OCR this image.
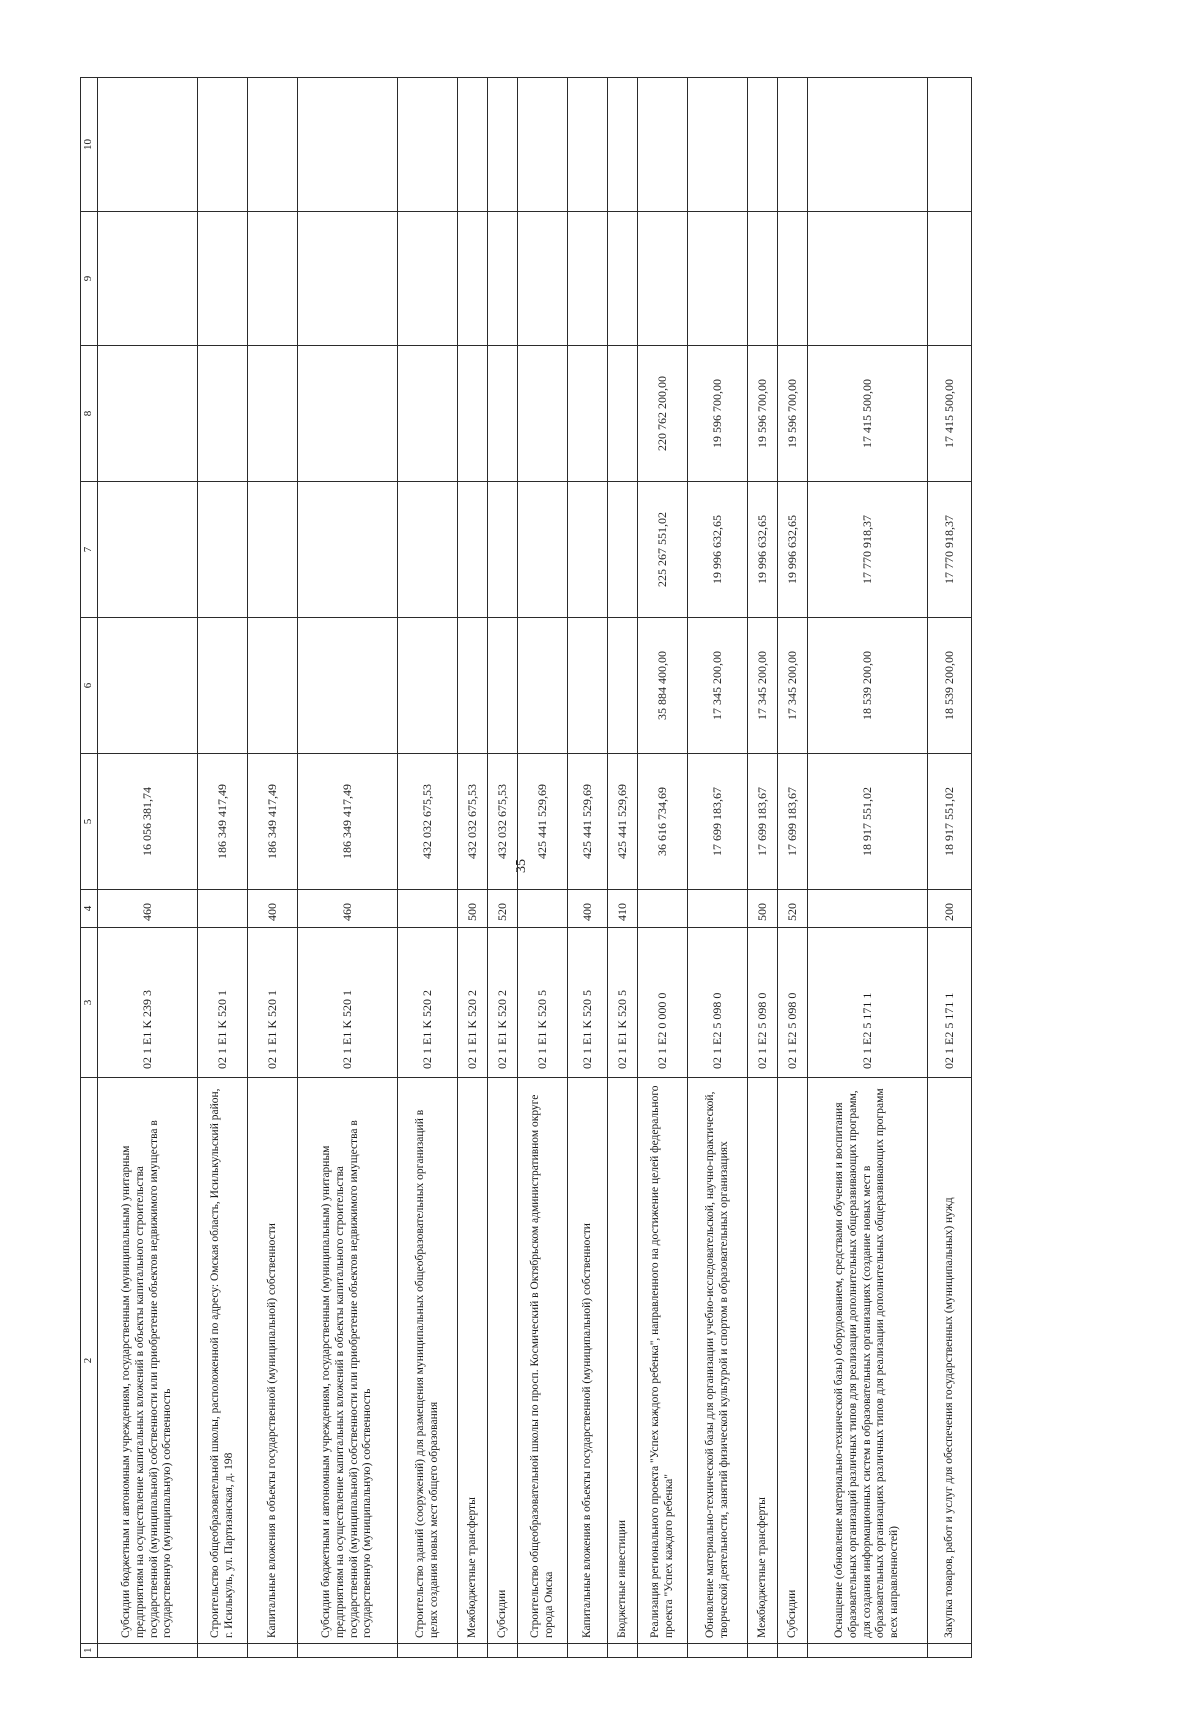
35
1	2	3	4	5	6	7	8	9	10
	Субсидии бюджетным и автономным учреждениям, государственным (муниципальным) унитарным предприятиям на осуществление капитальных вложений в объекты капитального строительства государственной (муниципальной) собственности или приобретение объектов недвижимого имущества в государственную (муниципальную) собственность	02 1 E1 K 239 3	460	16 056 381,74					
	Строительство общеобразовательной школы, расположенной по адресу: Омская область, Исилькульский район, г. Исилькуль, ул. Партизанская, д. 198	02 1 E1 K 520 1		186 349 417,49					
	Капитальные вложения в объекты государственной (муниципальной) собственности	02 1 E1 K 520 1	400	186 349 417,49					
	Субсидии бюджетным и автономным учреждениям, государственным (муниципальным) унитарным предприятиям на осуществление капитальных вложений в объекты капитального строительства государственной (муниципальной) собственности или приобретение объектов недвижимого имущества в государственную (муниципальную) собственность	02 1 E1 K 520 1	460	186 349 417,49					
	Строительство зданий (сооружений) для размещения муниципальных общеобразовательных организаций в целях создания новых мест общего образования	02 1 E1 K 520 2		432 032 675,53					
	Межбюджетные трансферты	02 1 E1 K 520 2	500	432 032 675,53					
	Субсидии	02 1 E1 K 520 2	520	432 032 675,53					
	Строительство общеобразовательной школы по просп. Космический в Октябрьском административном округе города Омска	02 1 E1 K 520 5		425 441 529,69					
	Капитальные вложения в объекты государственной (муниципальной) собственности	02 1 E1 K 520 5	400	425 441 529,69					
	Бюджетные инвестиции	02 1 E1 K 520 5	410	425 441 529,69					
	Реализация регионального проекта "Успех каждого ребенка", направленного на достижение целей федерального проекта "Успех каждого ребенка"	02 1 E2 0 000 0		36 616 734,69	35 884 400,00	225 267 551,02	220 762 200,00		
	Обновление материально-технической базы для организации учебно-исследовательской, научно-практической, творческой деятельности, занятий физической культурой и спортом в образовательных организациях	02 1 E2 5 098 0		17 699 183,67	17 345 200,00	19 996 632,65	19 596 700,00		
	Межбюджетные трансферты	02 1 E2 5 098 0	500	17 699 183,67	17 345 200,00	19 996 632,65	19 596 700,00		
	Субсидии	02 1 E2 5 098 0	520	17 699 183,67	17 345 200,00	19 996 632,65	19 596 700,00		
	Оснащение (обновление материально-технической базы) оборудованием, средствами обучения и воспитания образовательных организаций различных типов для реализации дополнительных общеразвивающих программ, для создания информационных систем в образовательных организациях (создание новых мест в образовательных организациях различных типов для реализации дополнительных общеразвивающих программ всех направленностей)	02 1 E2 5 171 1		18 917 551,02	18 539 200,00	17 770 918,37	17 415 500,00		
	Закупка товаров, работ и услуг для обеспечения государственных (муниципальных) нужд	02 1 E2 5 171 1	200	18 917 551,02	18 539 200,00	17 770 918,37	17 415 500,00		
